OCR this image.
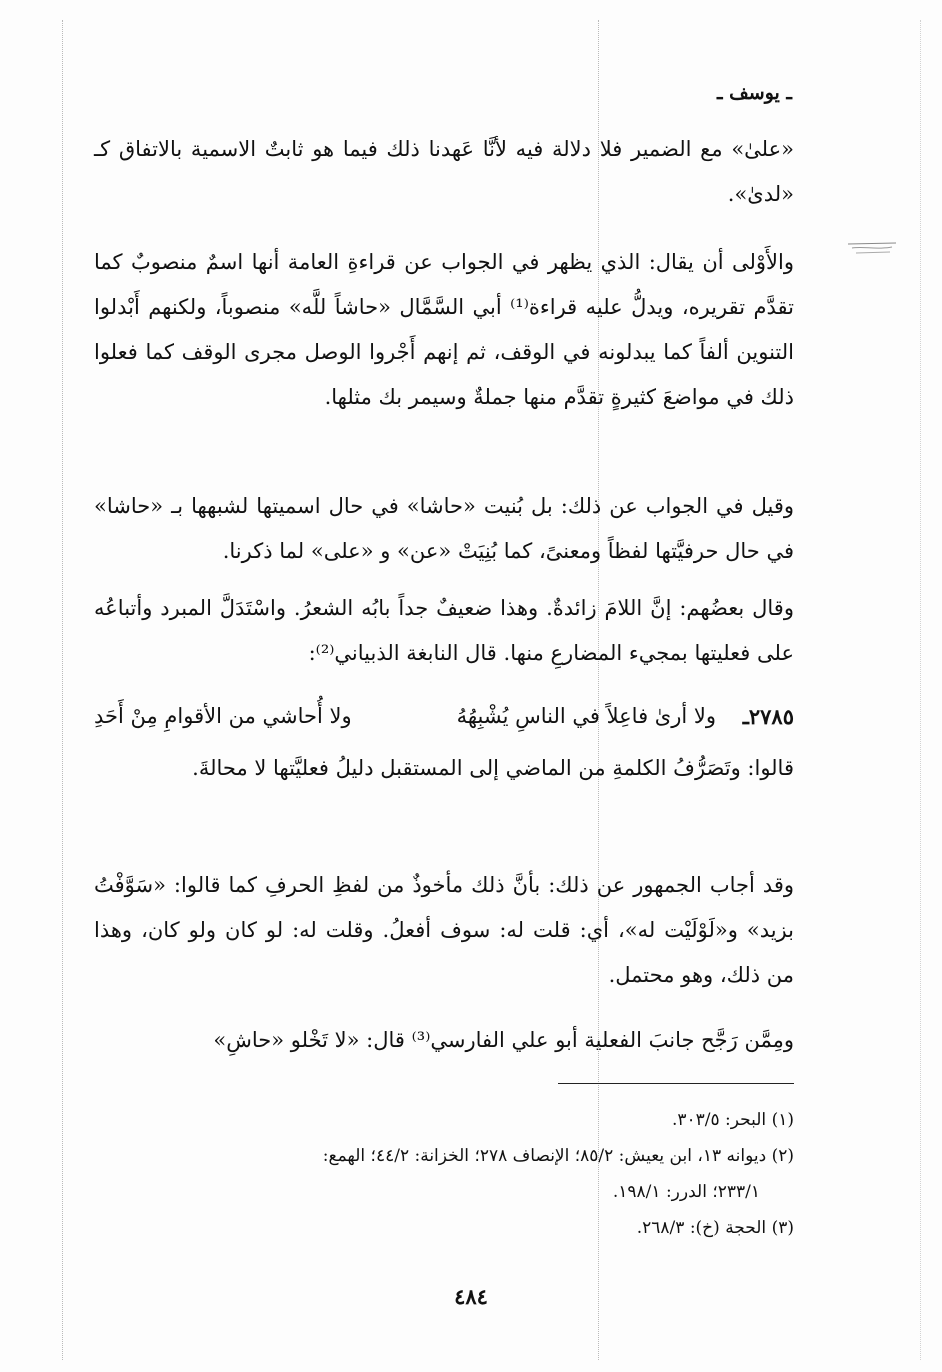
ـ يوسف ـ

«علىٰ» مع الضمير فلا دلالة فيه لأنَّا عَهدنا ذلك فيما هو ثابتٌ الاسمية بالاتفاق كـ «لدىٰ».

والأَوْلى أن يقال: الذي يظهر في الجواب عن قراءةِ العامة أنها اسمٌ منصوبٌ كما تقدَّم تقريره، ويدلُّ عليه قراءة⁽¹⁾ أبي السَّمَّال «حاشاً للَّه» منصوباً، ولكنهم أَبْدلوا التنوين ألفاً كما يبدلونه في الوقف، ثم إنهم أَجْروا الوصل مجرى الوقف كما فعلوا ذلك في مواضعَ كثيرةٍ تقدَّم منها جملةٌ وسيمر بك مثلها.

وقيل في الجواب عن ذلك: بل بُنيت «حاشا» في حال اسميتها لشبهها بـ «حاشا» في حال حرفيَّتها لفظاً ومعنىً، كما بُنِيَتْ «عن» و «على» لما ذكرنا.

وقال بعضُهم: إنَّ اللامَ زائدةٌ. وهذا ضعيفٌ جداً بابُه الشعرُ. واسْتَدَلَّ المبرد وأتباعُه على فعليتها بمجيء المضارعِ منها. قال النابغة الذبياني⁽²⁾:

٢٧٨٥ـ
ولا أرىٰ فاعِلاً في الناسِ يُشْبِهُهُ
ولا أُحاشي من الأقوامِ مِنْ أَحَدِ

قالوا: وتَصَرُّفُ الكلمةِ من الماضي إلى المستقبل دليلُ فعليَّتها لا محالةَ.

وقد أجاب الجمهور عن ذلك: بأنَّ ذلك مأخوذٌ من لفظِ الحرفِ كما قالوا: «سَوَّفْتُ بزيد» و«لَوْلَيْت له»، أي: قلت له: سوف أفعلُ. وقلت له: لو كان ولو كان، وهذا من ذلك، وهو محتمل.

ومِمَّن رَجَّح جانبَ الفعلية أبو علي الفارسي⁽³⁾ قال: «لا تَخْلو «حاشِ»

(١) البحر: ٣٠٣/٥.

(٢) ديوانه ١٣، ابن يعيش: ٨٥/٢؛ الإنصاف ٢٧٨؛ الخزانة: ٤٤/٢؛ الهمع:

٢٣٣/١؛ الدرر: ١٩٨/١.

(٣) الحجة (خ): ٢٦٨/٣.

٤٨٤
